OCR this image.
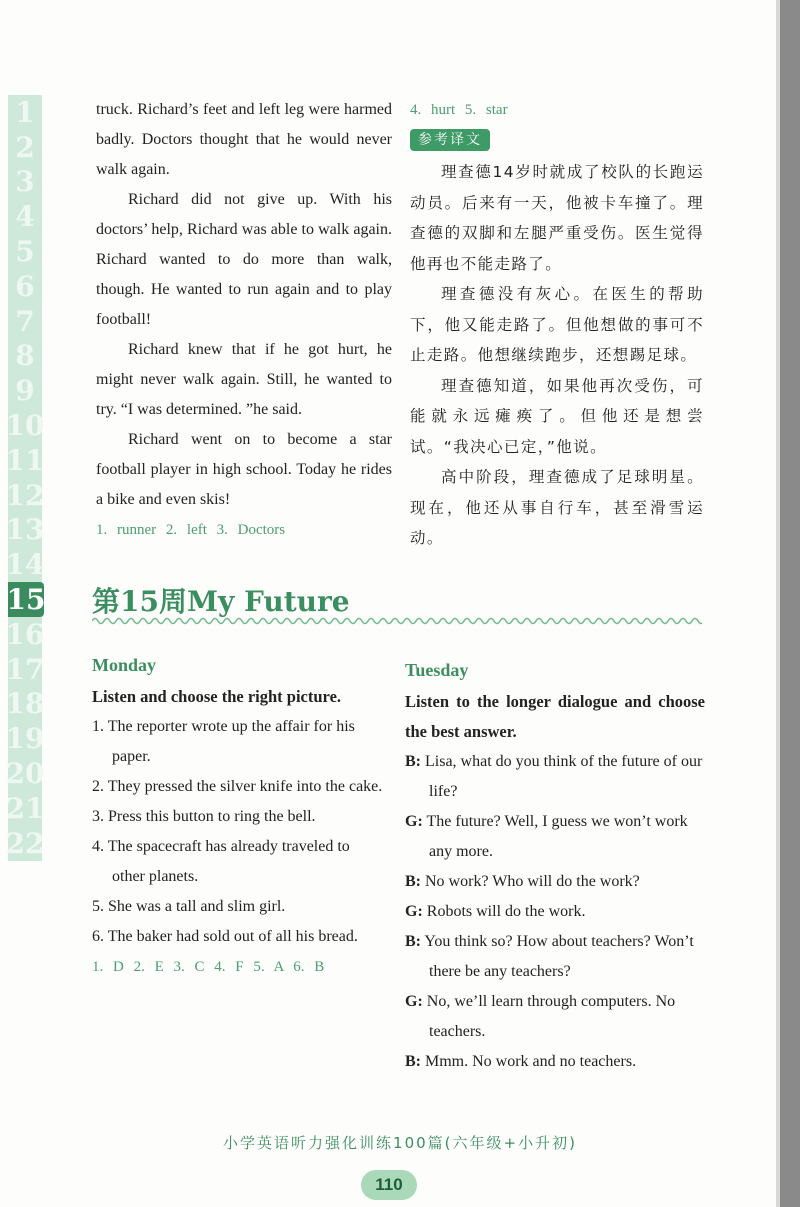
1
2
3
4
5
6
7
8
9
10
11
12
13
14
15
16
17
18
19
20
21
22

truck. Richard’s feet and left leg were harmed badly. Doctors thought that he would never walk again.

Richard did not give up. With his doctors’ help, Richard was able to walk again. Richard wanted to do more than walk, though. He wanted to run again and to play football!

Richard knew that if he got hurt, he might never walk again. Still, he wanted to try. “I was determined. ”he said.

Richard went on to become a star football player in high school. Today he rides a bike and even skis!

1. runner 2. left 3. Doctors

4. hurt 5. star

参考译文

理查德14岁时就成了校队的长跑运动员。后来有一天，他被卡车撞了。理查德的双脚和左腿严重受伤。医生觉得他再也不能走路了。

理查德没有灰心。在医生的帮助下，他又能走路了。但他想做的事可不止走路。他想继续跑步，还想踢足球。

理查德知道，如果他再次受伤，可能就永远瘫痪了。但他还是想尝试。“我决心已定，”他说。

高中阶段，理查德成了足球明星。现在，他还从事自行车，甚至滑雪运动。

第15周My Future
Monday
Listen and choose the right picture.
1. The reporter wrote up the affair for his paper.
2. They pressed the silver knife into the cake.
3. Press this button to ring the bell.
4. The spacecraft has already traveled to other planets.
5. She was a tall and slim girl.
6. The baker had sold out of all his bread.
1. D 2. E 3. C 4. F 5. A 6. B
Tuesday
Listen to the longer dialogue and choose the best answer.
B: Lisa, what do you think of the future of our life?
G: The future? Well, I guess we won’t work any more.
B: No work? Who will do the work?
G: Robots will do the work.
B: You think so? How about teachers? Won’t there be any teachers?
G: No, we’ll learn through computers. No teachers.
B: Mmm. No work and no teachers.
小学英语听力强化训练100篇(六年级+小升初)
110
